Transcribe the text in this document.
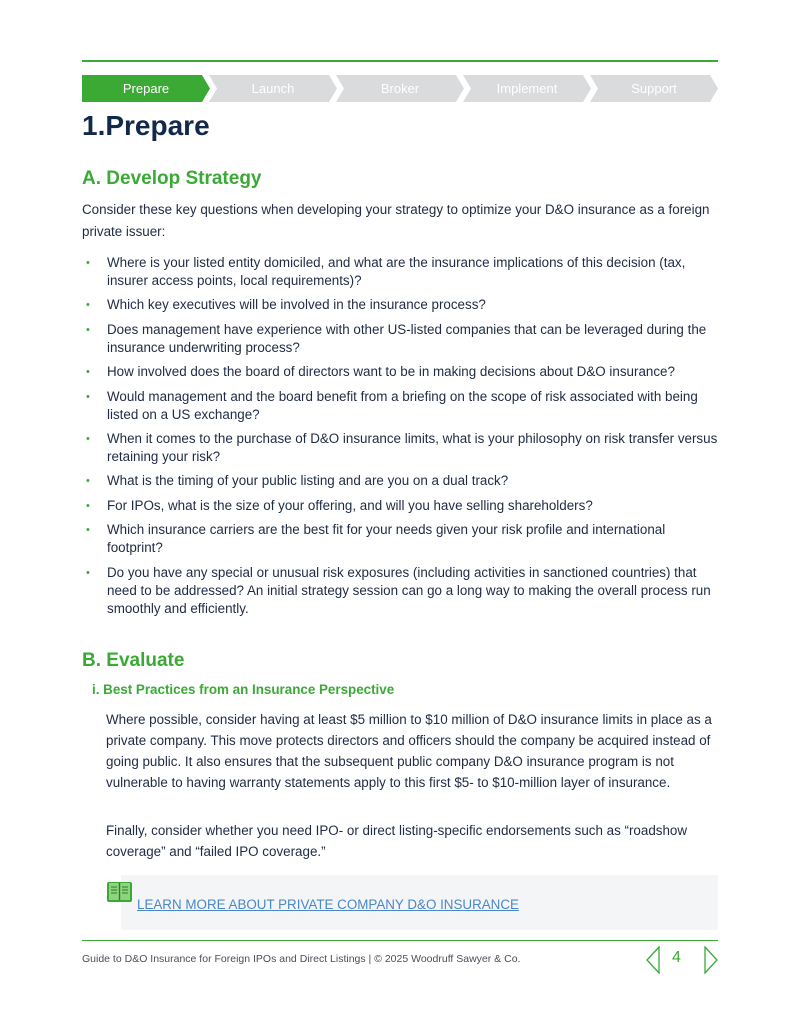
Prepare	Launch	Broker	Implement	Support
1.Prepare
A. Develop Strategy

Consider these key questions when developing your strategy to optimize your D&O insurance as a foreign private issuer:

• Where is your listed entity domiciled, and what are the insurance implications of this decision (tax, insurer access points, local requirements)?
• Which key executives will be involved in the insurance process?
• Does management have experience with other US-listed companies that can be leveraged during the insurance underwriting process?
• How involved does the board of directors want to be in making decisions about D&O insurance?
• Would management and the board benefit from a briefing on the scope of risk associated with being listed on a US exchange?
• When it comes to the purchase of D&O insurance limits, what is your philosophy on risk transfer versus retaining your risk?
• What is the timing of your public listing and are you on a dual track?
• For IPOs, what is the size of your offering, and will you have selling shareholders?
• Which insurance carriers are the best fit for your needs given your risk profile and international footprint?
• Do you have any special or unusual risk exposures (including activities in sanctioned countries) that need to be addressed? An initial strategy session can go a long way to making the overall process run smoothly and efficiently.
B. Evaluate
i. Best Practices from an Insurance Perspective

Where possible, consider having at least $5 million to $10 million of D&O insurance limits in place as a private company. This move protects directors and officers should the company be acquired instead of going public. It also ensures that the subsequent public company D&O insurance program is not vulnerable to having warranty statements apply to this first $5- to $10-million layer of insurance.

Finally, consider whether you need IPO- or direct listing-specific endorsements such as “roadshow coverage” and “failed IPO coverage.”

LEARN MORE ABOUT PRIVATE COMPANY D&O INSURANCE
Guide to D&O Insurance for Foreign IPOs and Direct Listings | © 2025 Woodruff Sawyer & Co.	4
